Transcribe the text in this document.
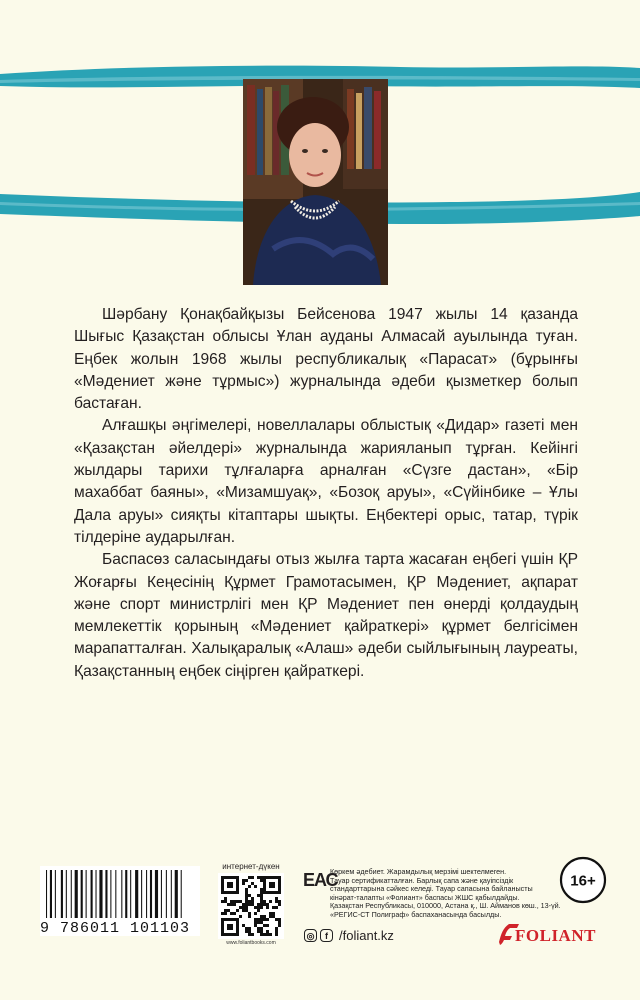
Шәрбану Қонақбайқызы Бейсенова 1947 жылы 14 қазанда Шығыс Қазақстан облысы Ұлан ауданы Алмасай ауылында туған. Еңбек жолын 1968 жылы республикалық «Парасат» (бұрынғы «Мәдениет және тұрмыс») журналында әдеби қызметкер болып бастаған.

Алғашқы әңгімелері, новеллалары облыстық «Дидар» газеті мен «Қазақстан әйелдері» журналында жарияланып тұрған. Кейінгі жылдары тарихи тұлғаларға арналған «Сүзге дастан», «Бір махаббат баяны», «Мизамшуақ», «Бозоқ аруы», «Сүйінбике – Ұлы Дала аруы» сияқты кітаптары шықты. Еңбектері орыс, татар, түрік тілдеріне аударылған.

Баспасөз саласындағы отыз жылға тарта жасаған еңбегі үшін ҚР Жоғарғы Кеңесінің Құрмет Грамотасымен, ҚР Мәдениет, ақпарат және спорт министрлігі мен ҚР Мәдениет пен өнерді қолдаудың мемлекеттік қорының «Мәдениет қайраткері» құрмет белгісімен марапатталған. Халықаралық «Алаш» әдеби сыйлығының лауреаты, Қазақстанның еңбек сіңірген қайраткері.

9 786011 101103
интернет-дүкен
www.foliantbooks.com
ЕАС
Көркем әдебиет. Жарамдылық мерзімі шектелмеген.
Тауар сертификатталған. Барлық сапа және қауіпсіздік
стандарттарына сәйкес келеді. Тауар сапасына байланысты
кінәрат-талапты «Фолиант» баспасы ЖШС қабылдайды.
Қазақстан Республикасы, 010000, Астана қ., Ш. Айманов көш., 13-үй.
«РЕГИС-СТ Полиграф» баспаханасында басылды.
16+
◎	f /foliant.kz	FOLIANT
